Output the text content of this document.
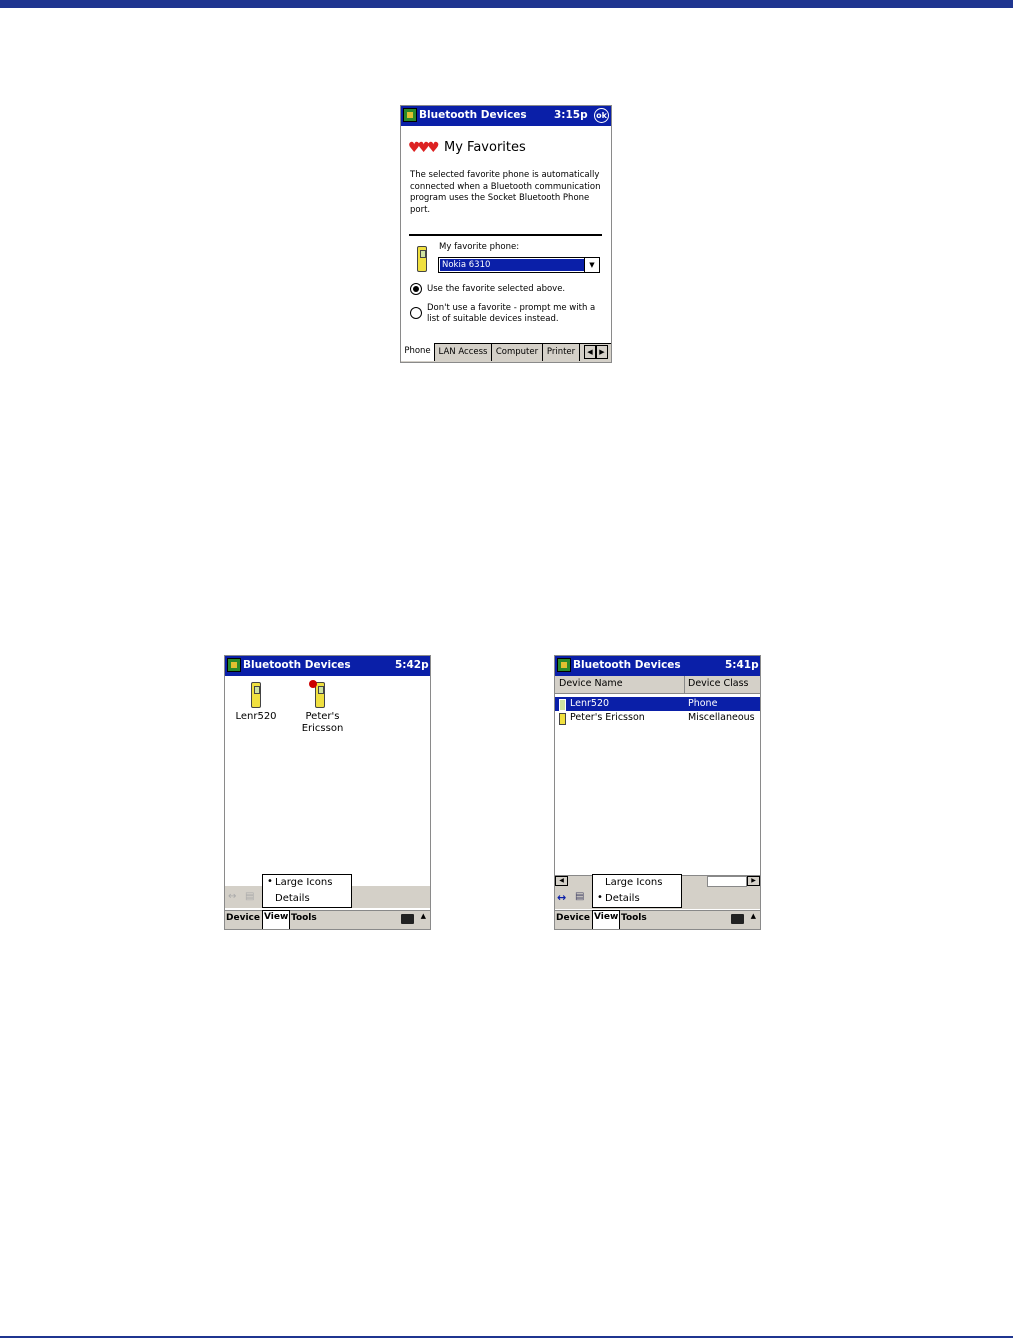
Bluetooth Devices	3:15p ok
♥♥♥ My Favorites
The selected favorite phone is automatically connected when a Bluetooth communication program uses the Socket Bluetooth Phone port.
My favorite phone:
Nokia 6310	▼
Use the favorite selected above.
Don't use a favorite - prompt me with a list of suitable devices instead.
Phone LAN Access Computer	Printer	◀ ▶
Bluetooth Devices	5:42p
Lenr520	Peter's Ericsson
↔ ▤
• Large Icons
Details
Device View Tools	▲
Bluetooth Devices	5:41p
Device Name	Device Class
Lenr520	Phone
Peter's Ericsson	Miscellaneous
◀	▶
↔ ▤
Large Icons
• Details
Device View Tools	▲
